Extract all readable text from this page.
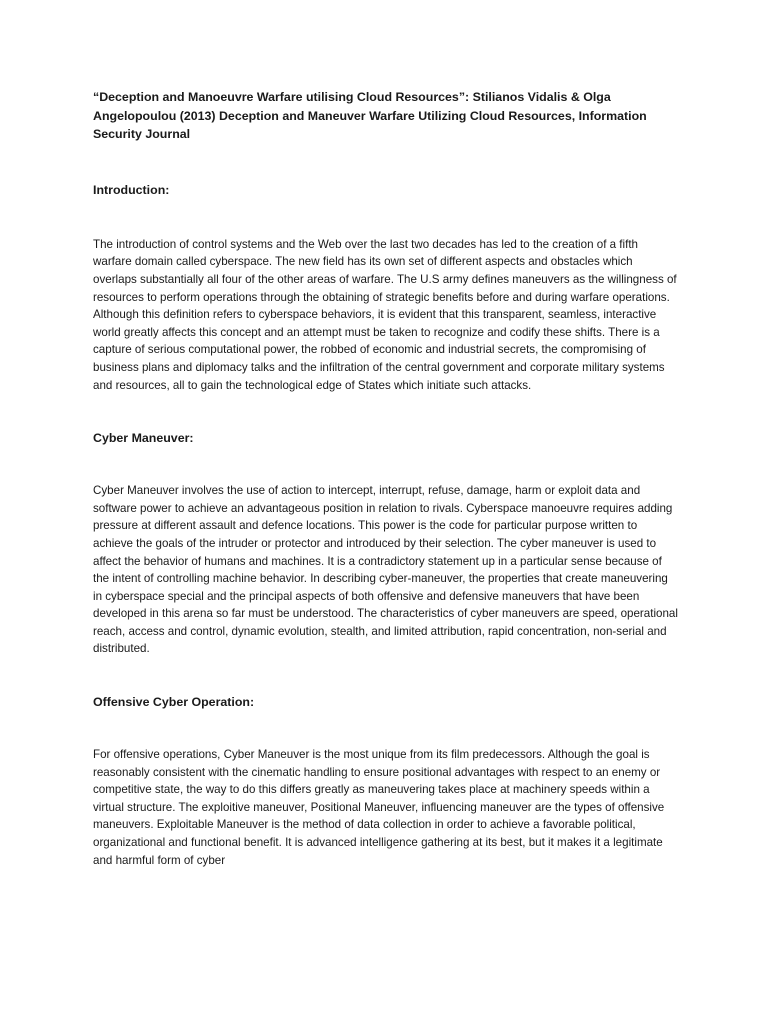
“Deception and Manoeuvre Warfare utilising Cloud Resources”: Stilianos Vidalis & Olga Angelopoulou (2013) Deception and Maneuver Warfare Utilizing Cloud Resources, Information Security Journal

Introduction:

The introduction of control systems and the Web over the last two decades has led to the creation of a fifth warfare domain called cyberspace. The new field has its own set of different aspects and obstacles which overlaps substantially all four of the other areas of warfare. The U.S army defines maneuvers as the willingness of resources to perform operations through the obtaining of strategic benefits before and during warfare operations. Although this definition refers to cyberspace behaviors, it is evident that this transparent, seamless, interactive world greatly affects this concept and an attempt must be taken to recognize and codify these shifts. There is a capture of serious computational power, the robbed of economic and industrial secrets, the compromising of business plans and diplomacy talks and the infiltration of the central government and corporate military systems and resources, all to gain the technological edge of States which initiate such attacks.

Cyber Maneuver:

Cyber Maneuver involves the use of action to intercept, interrupt, refuse, damage, harm or exploit data and software power to achieve an advantageous position in relation to rivals. Cyberspace manoeuvre requires adding pressure at different assault and defence locations. This power is the code for particular purpose written to achieve the goals of the intruder or protector and introduced by their selection. The cyber maneuver is used to affect the behavior of humans and machines. It is a contradictory statement up in a particular sense because of the intent of controlling machine behavior. In describing cyber-maneuver, the properties that create maneuvering in cyberspace special and the principal aspects of both offensive and defensive maneuvers that have been developed in this arena so far must be understood. The characteristics of cyber maneuvers are speed, operational reach, access and control, dynamic evolution, stealth, and limited attribution, rapid concentration, non-serial and distributed.

Offensive Cyber Operation:

For offensive operations, Cyber Maneuver is the most unique from its film predecessors. Although the goal is reasonably consistent with the cinematic handling to ensure positional advantages with respect to an enemy or competitive state, the way to do this differs greatly as maneuvering takes place at machinery speeds within a virtual structure. The exploitive maneuver, Positional Maneuver, influencing maneuver are the types of offensive maneuvers. Exploitable Maneuver is the method of data collection in order to achieve a favorable political, organizational and functional benefit. It is advanced intelligence gathering at its best, but it makes it a legitimate and harmful form of cyber
